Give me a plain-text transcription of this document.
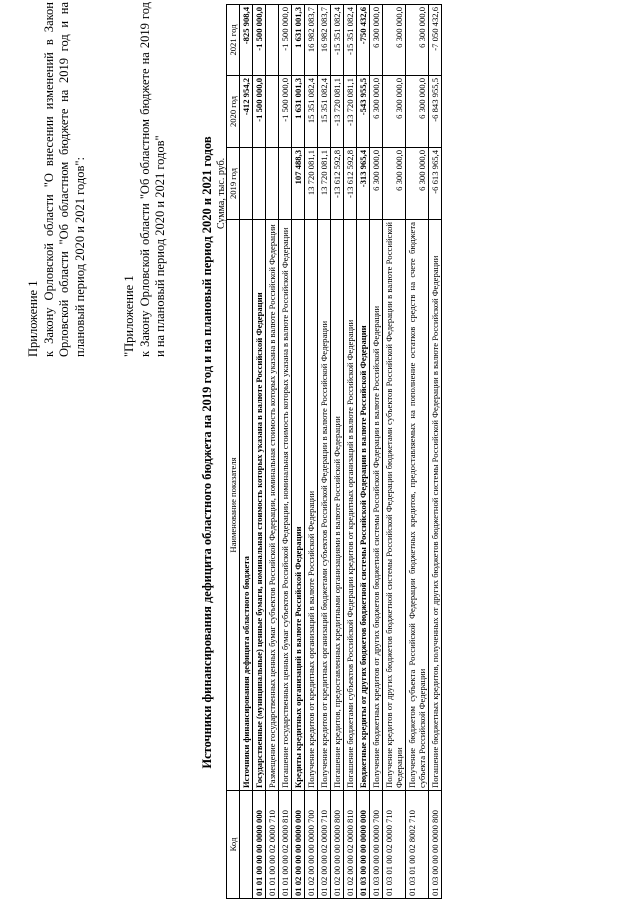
Приложение 1 к Закону Орловской области "О внесении изменений в Закон Орловской области "Об областном бюджете на 2019 год и на плановый период 2020 и 2021 годов":	"Приложение 1 к Закону Орловской области "Об областном бюджете на 2019 год и на плановый период 2020 и 2021 годов"	Источники финансирования дефицита областного бюджета на 2019 год и на плановый период 2020 и 2021 годов Сумма, тыс. руб.
Код	Наименование показателя	2019 год	2020 год	2021 год
	Источники финансирования дефицита областного бюджета		-412 954,2	-825 908,4
01 01 00 00 00 0000 000	Государственные (муниципальные) ценные бумаги, номинальная стоимость которых указана в валюте Российской Федерации		-1 500 000,0	-1 500 000,0
01 01 00 00 02 0000 710	Размещение государственных ценных бумаг субъектов Российской Федерации, номинальная стоимость которых указана в валюте Российской Федерации			
01 01 00 00 02 0000 810	Погашение государственных ценных бумаг субъектов Российской Федерации, номинальная стоимость которых указана в валюте Российской Федерации		-1 500 000,0	-1 500 000,0
01 02 00 00 00 0000 000	Кредиты кредитных организаций в валюте Российской Федерации	107 488,3	1 631 001,3	1 631 001,3
01 02 00 00 00 0000 700	Получение кредитов от кредитных организаций в валюте Российской Федерации	13 720 081,1	15 351 082,4	16 982 083,7
01 02 00 00 02 0000 710	Получение кредитов от кредитных организаций бюджетами субъектов Российской Федерации в валюте Российской Федерации	13 720 081,1	15 351 082,4	16 982 083,7
01 02 00 00 00 0000 800	Погашение кредитов, предоставленных кредитными организациями в валюте Российской Федерации	-13 612 592,8	-13 720 081,1	-15 351 082,4
01 02 00 00 02 0000 810	Погашение бюджетами субъектов Российской Федерации кредитов от кредитных организаций в валюте Российской Федерации	-13 612 592,8	-13 720 081,1	-15 351 082,4
01 03 00 00 00 0000 000	Бюджетные кредиты от других бюджетов бюджетной системы Российской Федерации в валюте Российской Федерации	-313 965,4	-543 955,5	-750 432,6
01 03 00 00 00 0000 700	Получение бюджетных кредитов от других бюджетов бюджетной системы Российской Федерации в валюте Российской Федерации	6 300 000,0	6 300 000,0	6 300 000,0
01 03 01 00 02 0000 710	Получение кредитов от других бюджетов бюджетной системы Российской Федерации бюджетами субъектов Российской Федерации в валюте Российской Федерации	6 300 000,0	6 300 000,0	6 300 000,0
01 03 01 00 02 8002 710	Получение бюджетом субъекта Российской Федерации бюджетных кредитов, предоставляемых на пополнение остатков средств на счете бюджета субъекта Российской Федерации	6 300 000,0	6 300 000,0	6 300 000,0
01 03 00 00 00 0000 800	Погашение бюджетных кредитов, полученных от других бюджетов бюджетной системы Российской Федерации в валюте Российской Федерации	-6 613 965,4	-6 843 955,5	-7 050 432,6
